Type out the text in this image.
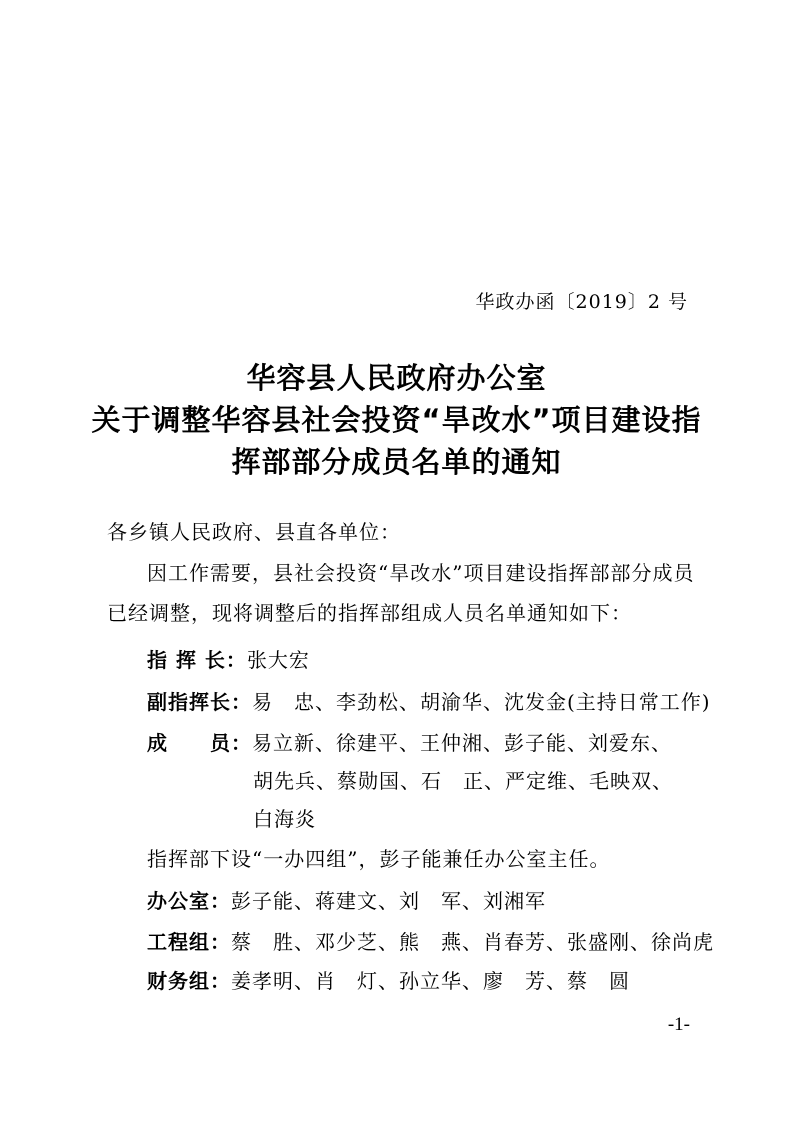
华政办函〔2019〕2 号
华容县人民政府办公室
关于调整华容县社会投资“旱改水”项目建设指
挥部部分成员名单的通知
各乡镇人民政府、县直各单位：
因工作需要，县社会投资“旱改水”项目建设指挥部部分成员已经调整，现将调整后的指挥部组成人员名单通知如下：
指 挥 长：张大宏
副指挥长：易　忠、李劲松、胡渝华、沈发金(主持日常工作)
成　　员：易立新、徐建平、王仲湘、彭子能、刘爱东、
胡先兵、蔡勋国、石　正、严定维、毛映双、
白海炎
指挥部下设“一办四组”，彭子能兼任办公室主任。
办公室：彭子能、蒋建文、刘　军、刘湘军
工程组：蔡　胜、邓少芝、熊　燕、肖春芳、张盛刚、徐尚虎
财务组：姜孝明、肖　灯、孙立华、廖　芳、蔡　圆
-1-
